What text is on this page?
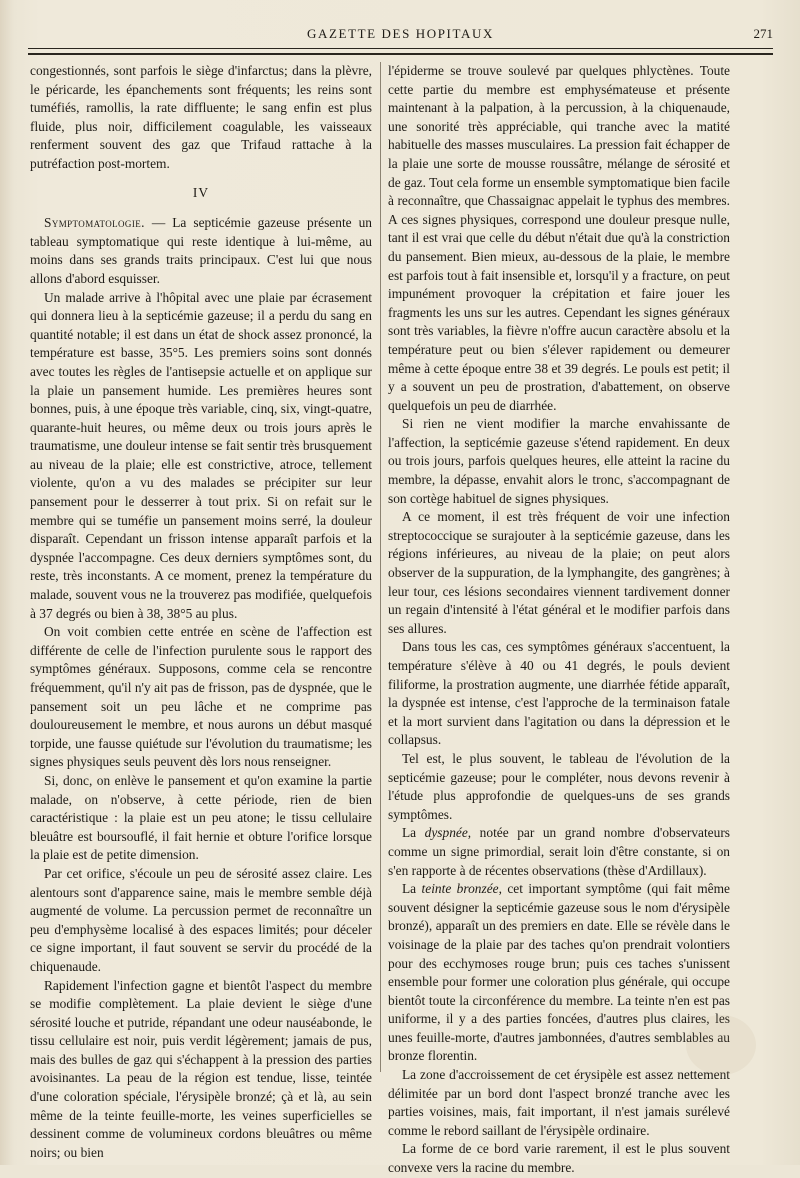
GAZETTE DES HOPITAUX	271

congestionnés, sont parfois le siège d'infarctus; dans la plèvre, le péricarde, les épanchements sont fréquents; les reins sont tuméfiés, ramollis, la rate diffluente; le sang enfin est plus fluide, plus noir, difficilement coagulable, les vaisseaux renferment souvent des gaz que Trifaud rattache à la putréfaction post-mortem.

IV

Symptomatologie. — La septicémie gazeuse présente un tableau symptomatique qui reste identique à lui-même, au moins dans ses grands traits principaux. C'est lui que nous allons d'abord esquisser.

Un malade arrive à l'hôpital avec une plaie par écrasement qui donnera lieu à la septicémie gazeuse; il a perdu du sang en quantité notable; il est dans un état de shock assez prononcé, la température est basse, 35°5. Les premiers soins sont donnés avec toutes les règles de l'antisepsie actuelle et on applique sur la plaie un pansement humide. Les premières heures sont bonnes, puis, à une époque très variable, cinq, six, vingt-quatre, quarante-huit heures, ou même deux ou trois jours après le traumatisme, une douleur intense se fait sentir très brusquement au niveau de la plaie; elle est constrictive, atroce, tellement violente, qu'on a vu des malades se précipiter sur leur pansement pour le desserrer à tout prix. Si on refait sur le membre qui se tuméfie un pansement moins serré, la douleur disparaît. Cependant un frisson intense apparaît parfois et la dyspnée l'accompagne. Ces deux derniers symptômes sont, du reste, très inconstants. A ce moment, prenez la température du malade, souvent vous ne la trouverez pas modifiée, quelquefois à 37 degrés ou bien à 38, 38°5 au plus.

On voit combien cette entrée en scène de l'affection est différente de celle de l'infection purulente sous le rapport des symptômes généraux. Supposons, comme cela se rencontre fréquemment, qu'il n'y ait pas de frisson, pas de dyspnée, que le pansement soit un peu lâche et ne comprime pas douloureusement le membre, et nous aurons un début masqué torpide, une fausse quiétude sur l'évolution du traumatisme; les signes physiques seuls peuvent dès lors nous renseigner.

Si, donc, on enlève le pansement et qu'on examine la partie malade, on n'observe, à cette période, rien de bien caractéristique : la plaie est un peu atone; le tissu cellulaire bleuâtre est boursouflé, il fait hernie et obture l'orifice lorsque la plaie est de petite dimension.

Par cet orifice, s'écoule un peu de sérosité assez claire. Les alentours sont d'apparence saine, mais le membre semble déjà augmenté de volume. La percussion permet de reconnaître un peu d'emphysème localisé à des espaces limités; pour déceler ce signe important, il faut souvent se servir du procédé de la chiquenaude.

Rapidement l'infection gagne et bientôt l'aspect du membre se modifie complètement. La plaie devient le siège d'une sérosité louche et putride, répandant une odeur nauséabonde, le tissu cellulaire est noir, puis verdit légèrement; jamais de pus, mais des bulles de gaz qui s'échappent à la pression des parties avoisinantes. La peau de la région est tendue, lisse, teintée d'une coloration spéciale, l'érysipèle bronzé; çà et là, au sein même de la teinte feuille-morte, les veines superficielles se dessinent comme de volumineux cordons bleuâtres ou même noirs; ou bien

l'épiderme se trouve soulevé par quelques phlyctènes. Toute cette partie du membre est emphysémateuse et présente maintenant à la palpation, à la percussion, à la chiquenaude, une sonorité très appréciable, qui tranche avec la matité habituelle des masses musculaires. La pression fait échapper de la plaie une sorte de mousse roussâtre, mélange de sérosité et de gaz. Tout cela forme un ensemble symptomatique bien facile à reconnaître, que Chassaignac appelait le typhus des membres. A ces signes physiques, correspond une douleur presque nulle, tant il est vrai que celle du début n'était due qu'à la constriction du pansement. Bien mieux, au-dessous de la plaie, le membre est parfois tout à fait insensible et, lorsqu'il y a fracture, on peut impunément provoquer la crépitation et faire jouer les fragments les uns sur les autres. Cependant les signes généraux sont très variables, la fièvre n'offre aucun caractère absolu et la température peut ou bien s'élever rapidement ou demeurer même à cette époque entre 38 et 39 degrés. Le pouls est petit; il y a souvent un peu de prostration, d'abattement, on observe quelquefois un peu de diarrhée.

Si rien ne vient modifier la marche envahissante de l'affection, la septicémie gazeuse s'étend rapidement. En deux ou trois jours, parfois quelques heures, elle atteint la racine du membre, la dépasse, envahit alors le tronc, s'accompagnant de son cortège habituel de signes physiques.

A ce moment, il est très fréquent de voir une infection streptococcique se surajouter à la septicémie gazeuse, dans les régions inférieures, au niveau de la plaie; on peut alors observer de la suppuration, de la lymphangite, des gangrènes; à leur tour, ces lésions secondaires viennent tardivement donner un regain d'intensité à l'état général et le modifier parfois dans ses allures.

Dans tous les cas, ces symptômes généraux s'accentuent, la température s'élève à 40 ou 41 degrés, le pouls devient filiforme, la prostration augmente, une diarrhée fétide apparaît, la dyspnée est intense, c'est l'approche de la terminaison fatale et la mort survient dans l'agitation ou dans la dépression et le collapsus.

Tel est, le plus souvent, le tableau de l'évolution de la septicémie gazeuse; pour le compléter, nous devons revenir à l'étude plus approfondie de quelques-uns de ses grands symptômes.

La dyspnée, notée par un grand nombre d'observateurs comme un signe primordial, serait loin d'être constante, si on s'en rapporte à de récentes observations (thèse d'Ardillaux).

La teinte bronzée, cet important symptôme (qui fait même souvent désigner la septicémie gazeuse sous le nom d'érysipèle bronzé), apparaît un des premiers en date. Elle se révèle dans le voisinage de la plaie par des taches qu'on prendrait volontiers pour des ecchymoses rouge brun; puis ces taches s'unissent ensemble pour former une coloration plus générale, qui occupe bientôt toute la circonférence du membre. La teinte n'en est pas uniforme, il y a des parties foncées, d'autres plus claires, les unes feuille-morte, d'autres jambonnées, d'autres semblables au bronze florentin.

La zone d'accroissement de cet érysipèle est assez nettement délimitée par un bord dont l'aspect bronzé tranche avec les parties voisines, mais, fait important, il n'est jamais surélevé comme le rebord saillant de l'érysipèle ordinaire.

La forme de ce bord varie rarement, il est le plus souvent convexe vers la racine du membre.
